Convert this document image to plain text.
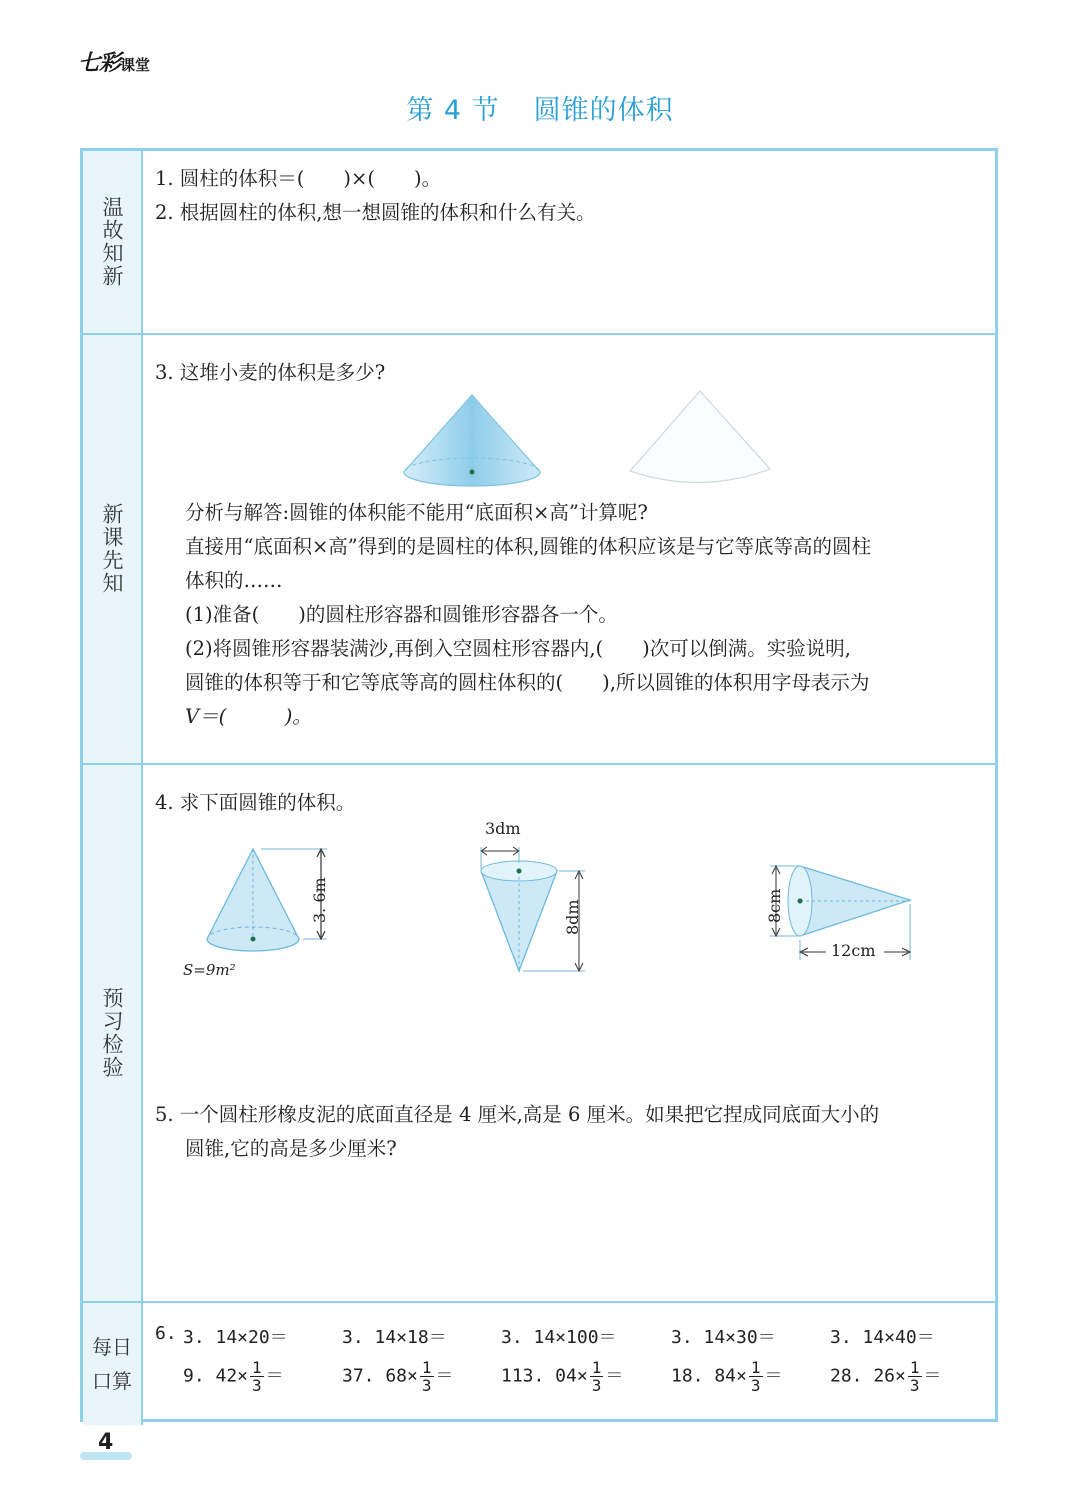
七彩课堂
第 4 节 圆锥的体积
温故知新
1. 圆柱的体积＝(　　)×(　　)。
2. 根据圆柱的体积,想一想圆锥的体积和什么有关。
新课先知
3. 这堆小麦的体积是多少?
分析与解答:圆锥的体积能不能用“底面积×高”计算呢?
直接用“底面积×高”得到的是圆柱的体积,圆锥的体积应该是与它等底等高的圆柱
体积的……
(1)准备(　　)的圆柱形容器和圆锥形容器各一个。
(2)将圆锥形容器装满沙,再倒入空圆柱形容器内,(　　)次可以倒满。实验说明,
圆锥的体积等于和它等底等高的圆柱体积的(　　),所以圆锥的体积用字母表示为
V＝(　　　)。
预习检验
4. 求下面圆锥的体积。
3. 6m
S=9m²
3dm
8dm
12cm
8cm
5. 一个圆柱形橡皮泥的底面直径是 4 厘米,高是 6 厘米。如果把它捏成同底面大小的
圆锥,它的高是多少厘米?
每日
口算
6. 3. 14×20＝	3. 14×18＝	3. 14×100＝	3. 14×30＝	3. 14×40＝
9. $42\times \frac{1}{3}$ ＝	37. $68\times \frac{1}{3}$ ＝	113. $04\times \frac{1}{3}$ ＝	18. $84\times \frac{1}{3}$ ＝	28. $26\times \frac{1}{3}$ ＝
4
